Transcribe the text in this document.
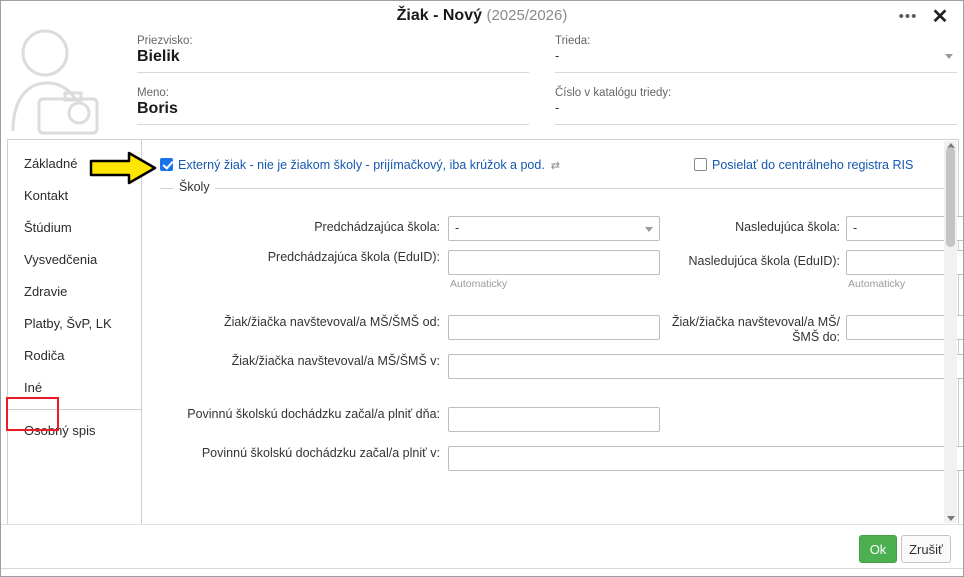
Žiak - Nový (2025/2026)	••• ✕
Priezvisko:
Bielik
Meno:
Boris
Trieda:
-
Číslo v katalógu triedy:
-
Základné
Kontakt
Štúdium
Vysvedčenia
Zdravie
Platby, ŠvP, LK
Rodiča
Iné
Osobný spis
Externý žiak - nie je žiakom školy - prijímačkový, iba krúžok a pod. ⇄	Posielať do centrálneho registra RIS
Školy
Predchádzajúca škola:	-	Nasledujúca škola:	-
Predchádzajúca škola (EduID):
Automaticky
Nasledujúca škola (EduID):
Automaticky
Žiak/žiačka navštevoval/a MŠ/ŠMŠ od:	Žiak/žiačka navštevoval/a MŠ/ŠMŠ do:
Žiak/žiačka navštevoval/a MŠ/ŠMŠ v:
Povinnú školskú dochádzku začal/a plniť dňa:
Povinnú školskú dochádzku začal/a plniť v:
Ok	Zrušiť
